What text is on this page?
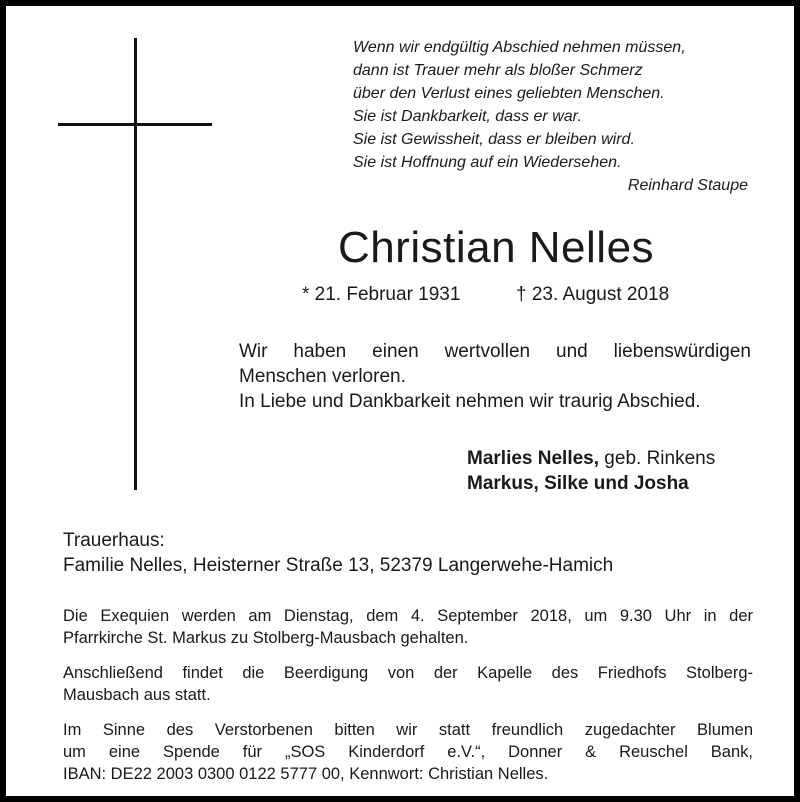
Wenn wir endgültig Abschied nehmen müssen,
dann ist Trauer mehr als bloßer Schmerz
über den Verlust eines geliebten Menschen.
Sie ist Dankbarkeit, dass er war.
Sie ist Gewissheit, dass er bleiben wird.
Sie ist Hoffnung auf ein Wiedersehen.
Reinhard Staupe
Christian Nelles
* 21. Februar 1931	† 23. August 2018
Wir haben einen wertvollen und liebenswürdigen
Menschen verloren.
In Liebe und Dankbarkeit nehmen wir traurig Abschied.
Marlies Nelles, geb. Rinkens
Markus, Silke und Josha
Trauerhaus:
Familie Nelles, Heisterner Straße 13, 52379 Langerwehe-Hamich
Die Exequien werden am Dienstag, dem 4. September 2018, um 9.30 Uhr in der
Pfarrkirche St. Markus zu Stolberg-Mausbach gehalten.
Anschließend findet die Beerdigung von der Kapelle des Friedhofs Stolberg-
Mausbach aus statt.
Im Sinne des Verstorbenen bitten wir statt freundlich zugedachter Blumen
um eine Spende für „SOS Kinderdorf e.V.“, Donner & Reuschel Bank,
IBAN: DE22 2003 0300 0122 5777 00, Kennwort: Christian Nelles.
